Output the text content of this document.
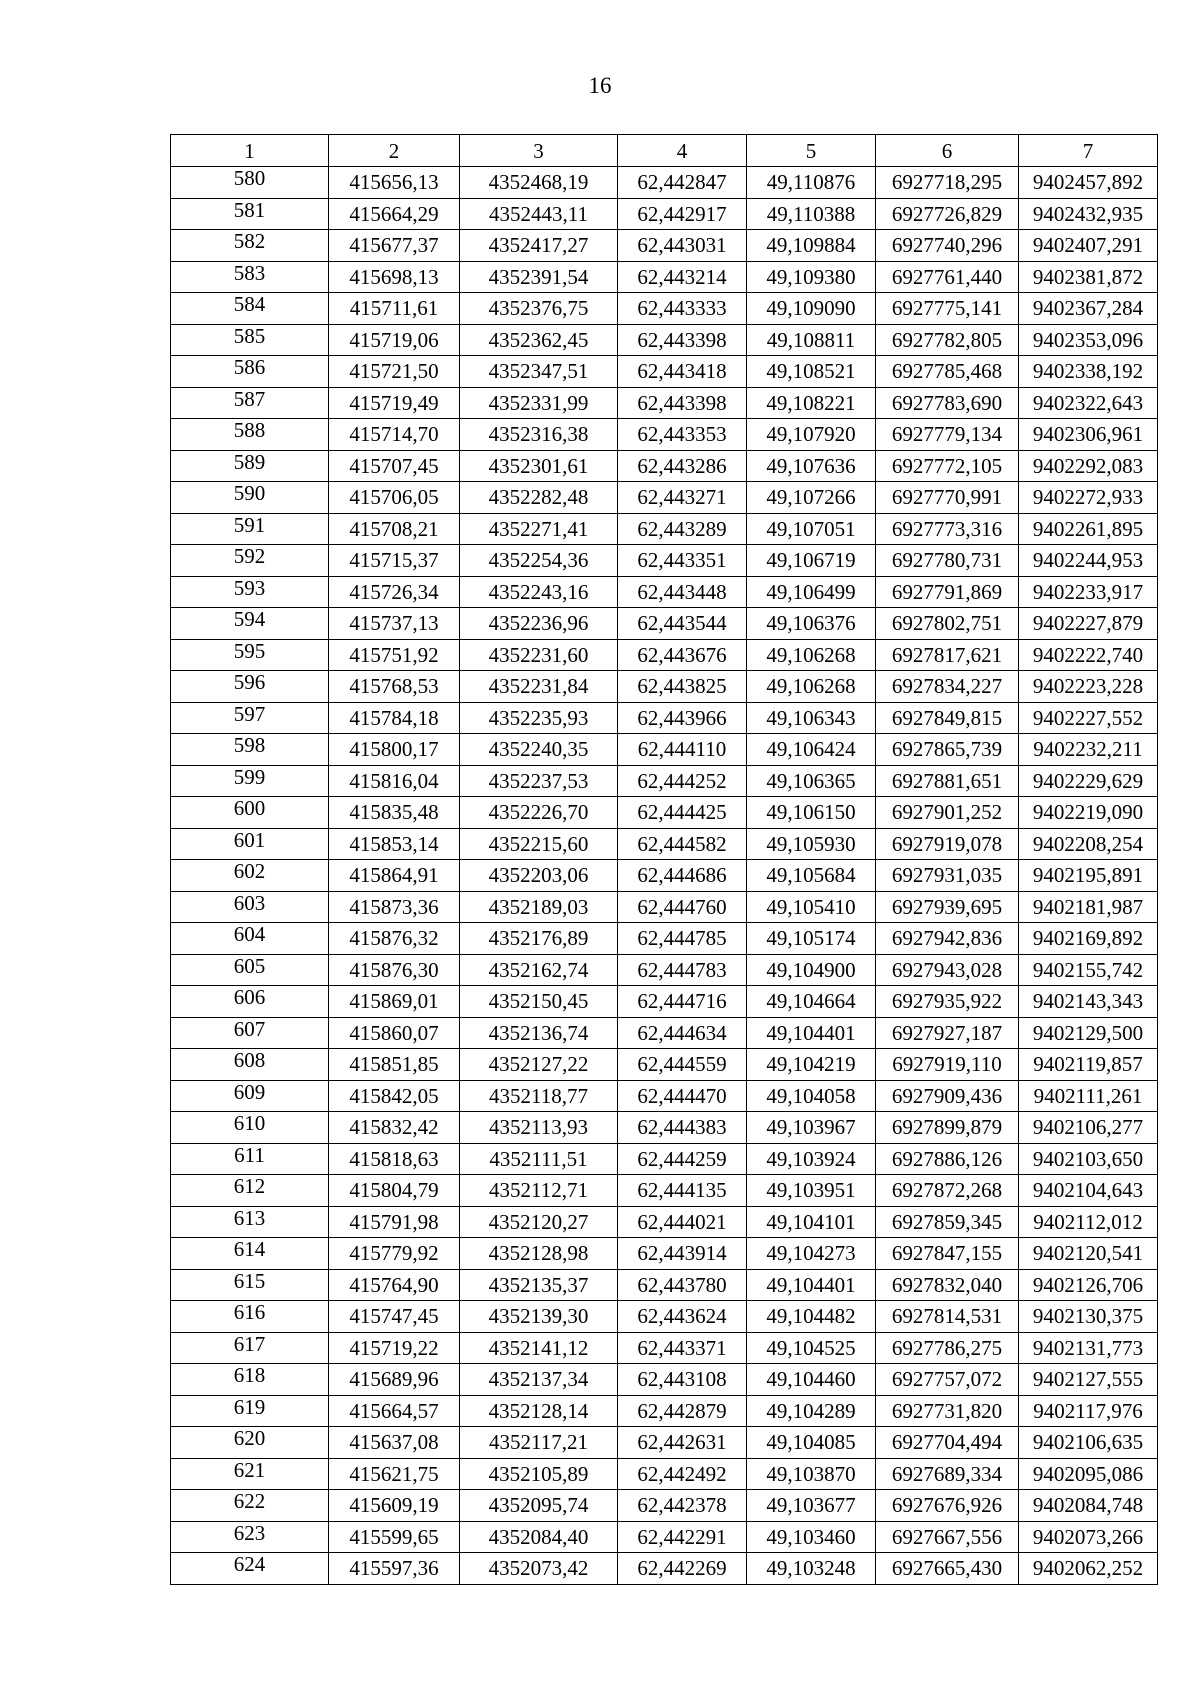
16
1	2	3	4	5	6	7
580	415656,13	4352468,19	62,442847	49,110876	6927718,295	9402457,892
581	415664,29	4352443,11	62,442917	49,110388	6927726,829	9402432,935
582	415677,37	4352417,27	62,443031	49,109884	6927740,296	9402407,291
583	415698,13	4352391,54	62,443214	49,109380	6927761,440	9402381,872
584	415711,61	4352376,75	62,443333	49,109090	6927775,141	9402367,284
585	415719,06	4352362,45	62,443398	49,108811	6927782,805	9402353,096
586	415721,50	4352347,51	62,443418	49,108521	6927785,468	9402338,192
587	415719,49	4352331,99	62,443398	49,108221	6927783,690	9402322,643
588	415714,70	4352316,38	62,443353	49,107920	6927779,134	9402306,961
589	415707,45	4352301,61	62,443286	49,107636	6927772,105	9402292,083
590	415706,05	4352282,48	62,443271	49,107266	6927770,991	9402272,933
591	415708,21	4352271,41	62,443289	49,107051	6927773,316	9402261,895
592	415715,37	4352254,36	62,443351	49,106719	6927780,731	9402244,953
593	415726,34	4352243,16	62,443448	49,106499	6927791,869	9402233,917
594	415737,13	4352236,96	62,443544	49,106376	6927802,751	9402227,879
595	415751,92	4352231,60	62,443676	49,106268	6927817,621	9402222,740
596	415768,53	4352231,84	62,443825	49,106268	6927834,227	9402223,228
597	415784,18	4352235,93	62,443966	49,106343	6927849,815	9402227,552
598	415800,17	4352240,35	62,444110	49,106424	6927865,739	9402232,211
599	415816,04	4352237,53	62,444252	49,106365	6927881,651	9402229,629
600	415835,48	4352226,70	62,444425	49,106150	6927901,252	9402219,090
601	415853,14	4352215,60	62,444582	49,105930	6927919,078	9402208,254
602	415864,91	4352203,06	62,444686	49,105684	6927931,035	9402195,891
603	415873,36	4352189,03	62,444760	49,105410	6927939,695	9402181,987
604	415876,32	4352176,89	62,444785	49,105174	6927942,836	9402169,892
605	415876,30	4352162,74	62,444783	49,104900	6927943,028	9402155,742
606	415869,01	4352150,45	62,444716	49,104664	6927935,922	9402143,343
607	415860,07	4352136,74	62,444634	49,104401	6927927,187	9402129,500
608	415851,85	4352127,22	62,444559	49,104219	6927919,110	9402119,857
609	415842,05	4352118,77	62,444470	49,104058	6927909,436	9402111,261
610	415832,42	4352113,93	62,444383	49,103967	6927899,879	9402106,277
611	415818,63	4352111,51	62,444259	49,103924	6927886,126	9402103,650
612	415804,79	4352112,71	62,444135	49,103951	6927872,268	9402104,643
613	415791,98	4352120,27	62,444021	49,104101	6927859,345	9402112,012
614	415779,92	4352128,98	62,443914	49,104273	6927847,155	9402120,541
615	415764,90	4352135,37	62,443780	49,104401	6927832,040	9402126,706
616	415747,45	4352139,30	62,443624	49,104482	6927814,531	9402130,375
617	415719,22	4352141,12	62,443371	49,104525	6927786,275	9402131,773
618	415689,96	4352137,34	62,443108	49,104460	6927757,072	9402127,555
619	415664,57	4352128,14	62,442879	49,104289	6927731,820	9402117,976
620	415637,08	4352117,21	62,442631	49,104085	6927704,494	9402106,635
621	415621,75	4352105,89	62,442492	49,103870	6927689,334	9402095,086
622	415609,19	4352095,74	62,442378	49,103677	6927676,926	9402084,748
623	415599,65	4352084,40	62,442291	49,103460	6927667,556	9402073,266
624	415597,36	4352073,42	62,442269	49,103248	6927665,430	9402062,252
